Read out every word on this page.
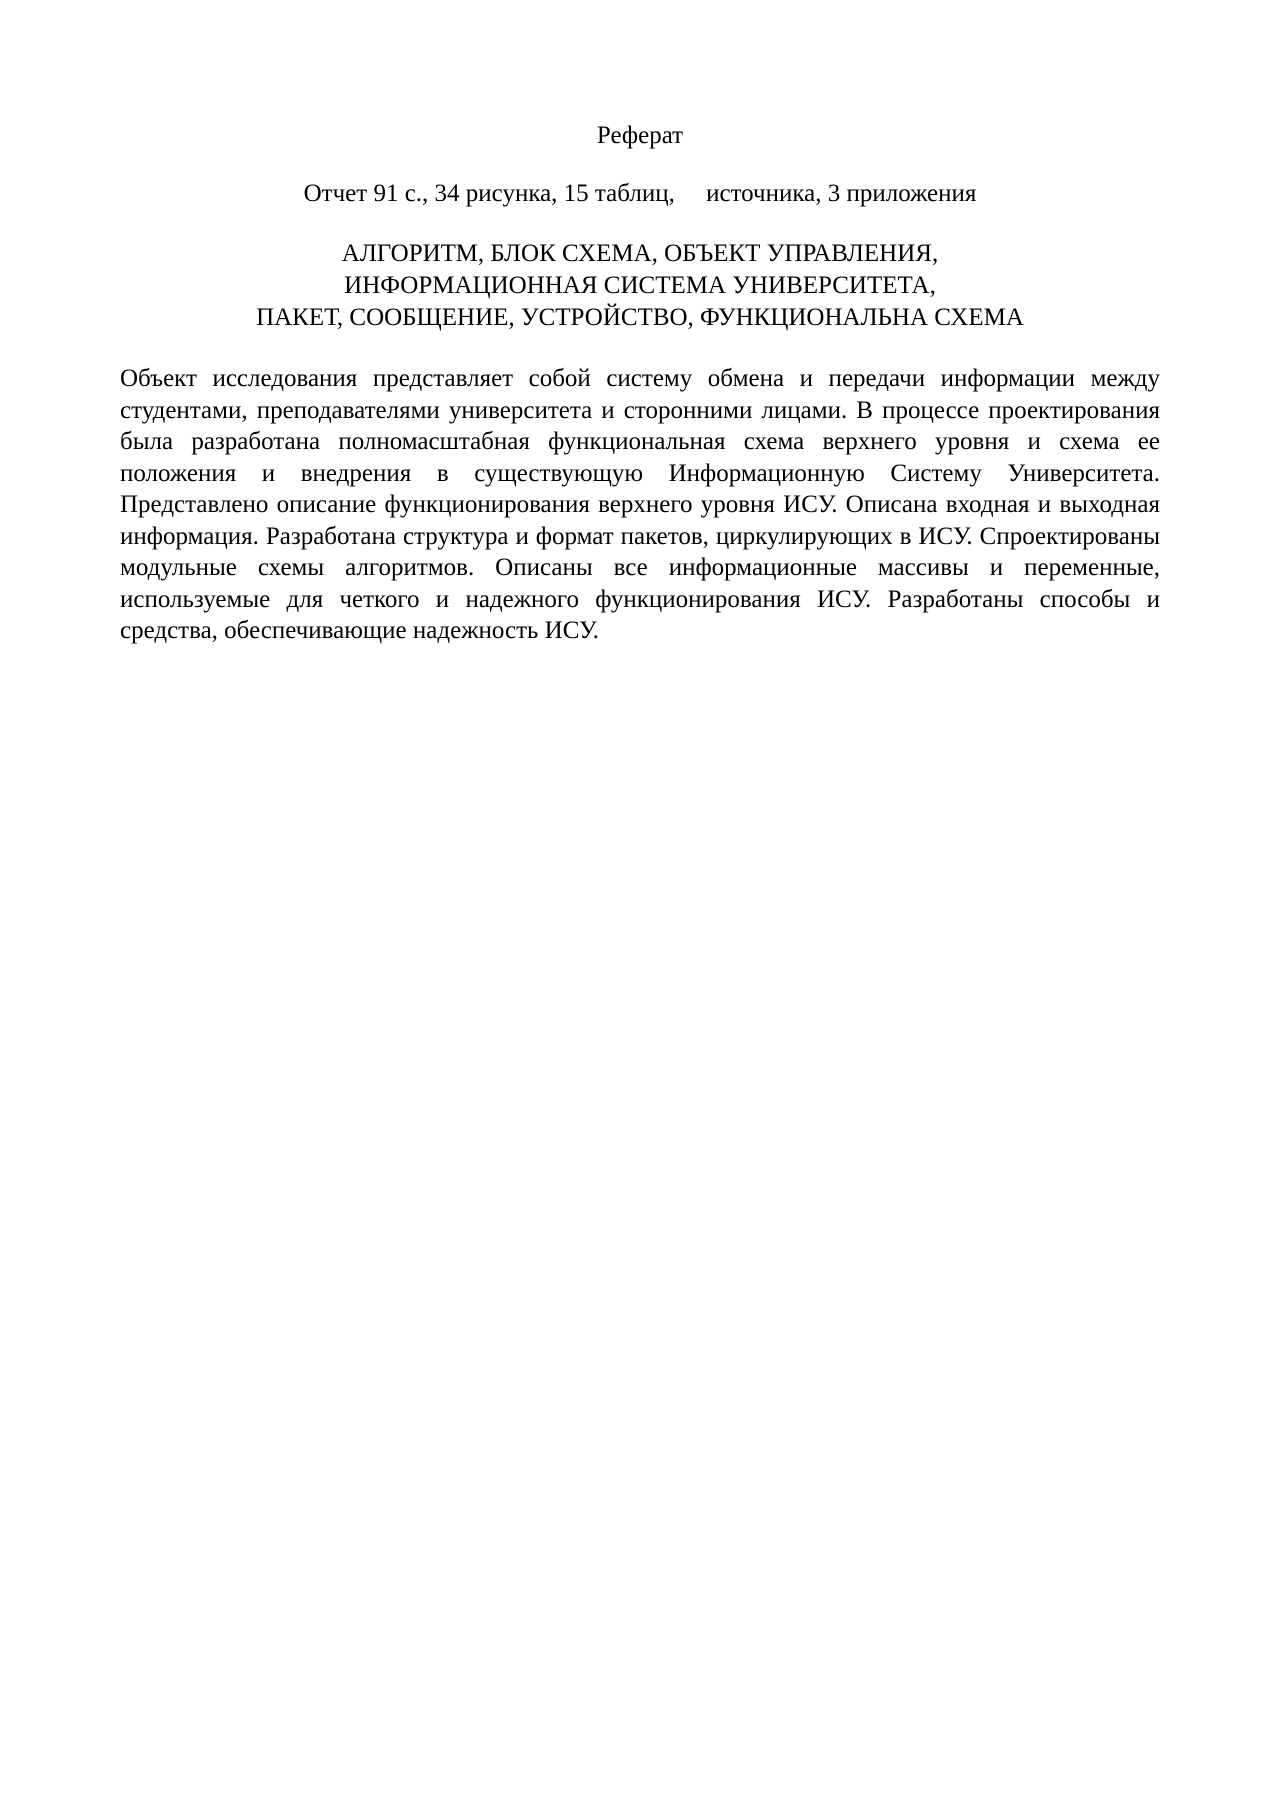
Реферат
Отчет 91 с., 34 рисунка, 15 таблиц,     источника, 3 приложения
АЛГОРИТМ, БЛОК СХЕМА, ОБЪЕКТ УПРАВЛЕНИЯ,
ИНФОРМАЦИОННАЯ СИСТЕМА УНИВЕРСИТЕТА,
ПАКЕТ, СООБЩЕНИЕ, УСТРОЙСТВО, ФУНКЦИОНАЛЬНА СХЕМА

Объект исследования представляет собой систему обмена и передачи информации между студентами, преподавателями университета и сторонними лицами. В процессе проектирования была разработана полномасштабная функциональная схема верхнего уровня и схема ее положения и внедрения в существующую Информационную Систему Университета. Представлено описание функционирования верхнего уровня ИСУ. Описана входная и выходная информация. Разработана структура и формат пакетов, циркулирующих в ИСУ. Спроектированы модульные схемы алгоритмов. Описаны все информационные массивы и переменные, используемые для четкого и надежного функционирования ИСУ. Разработаны способы и средства, обеспечивающие надежность ИСУ.
